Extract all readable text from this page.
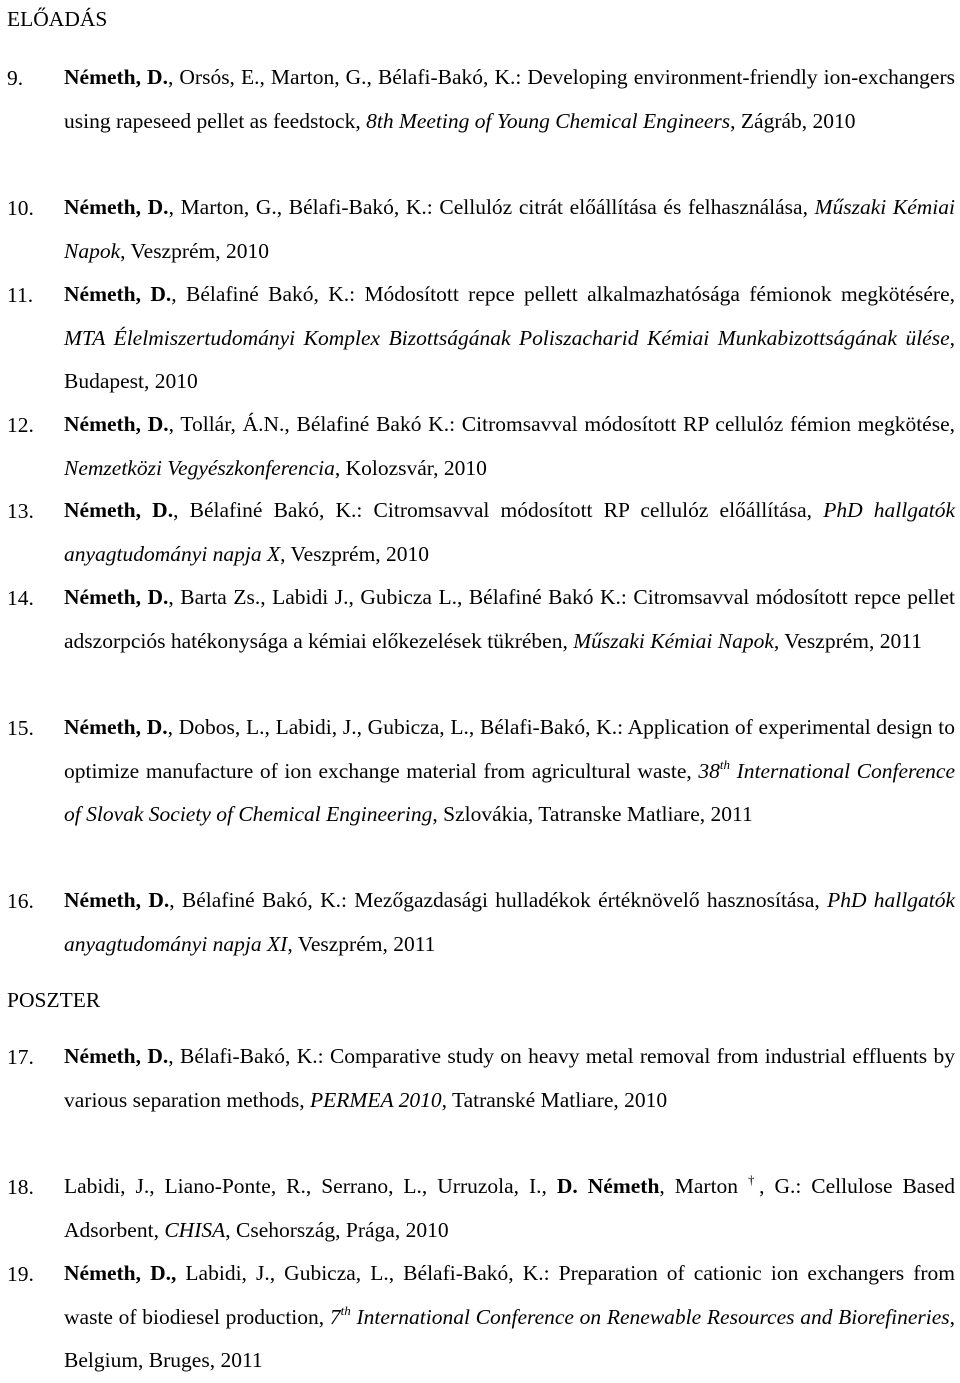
ELŐADÁS
9. Németh, D., Orsós, E., Marton, G., Bélafi-Bakó, K.: Developing environment-friendly ion-exchangers using rapeseed pellet as feedstock, 8th Meeting of Young Chemical Engineers, Zágráb, 2010
10. Németh, D., Marton, G., Bélafi-Bakó, K.: Cellulóz citrát előállítása és felhasználása, Műszaki Kémiai Napok, Veszprém, 2010
11. Németh, D., Bélafiné Bakó, K.: Módosított repce pellett alkalmazhatósága fémionok megkötésére, MTA Élelmiszertudományi Komplex Bizottságának Poliszacharid Kémiai Munkabizottságának ülése, Budapest, 2010
12. Németh, D., Tollár, Á.N., Bélafiné Bakó K.: Citromsavval módosított RP cellulóz fémion megkötése, Nemzetközi Vegyészkonferencia, Kolozsvár, 2010
13. Németh, D., Bélafiné Bakó, K.: Citromsavval módosított RP cellulóz előállítása, PhD hallgatók anyagtudományi napja X, Veszprém, 2010
14. Németh, D., Barta Zs., Labidi J., Gubicza L., Bélafiné Bakó K.: Citromsavval módosított repce pellet adszorpciós hatékonysága a kémiai előkezelések tükrében, Műszaki Kémiai Napok, Veszprém, 2011
15. Németh, D., Dobos, L., Labidi, J., Gubicza, L., Bélafi-Bakó, K.: Application of experimental design to optimize manufacture of ion exchange material from agricultural waste, 38th International Conference of Slovak Society of Chemical Engineering, Szlovákia, Tatranske Matliare, 2011
16. Németh, D., Bélafiné Bakó, K.: Mezőgazdasági hulladékok értéknövelő hasznosítása, PhD hallgatók anyagtudományi napja XI, Veszprém, 2011
POSZTER
17. Németh, D., Bélafi-Bakó, K.: Comparative study on heavy metal removal from industrial effluents by various separation methods, PERMEA 2010, Tatranské Matliare, 2010
18. Labidi, J., Liano-Ponte, R., Serrano, L., Urruzola, I., D. Németh, Marton †, G.: Cellulose Based Adsorbent, CHISA, Csehország, Prága, 2010
19. Németh, D., Labidi, J., Gubicza, L., Bélafi-Bakó, K.: Preparation of cationic ion exchangers from waste of biodiesel production, 7th International Conference on Renewable Resources and Biorefineries, Belgium, Bruges, 2011
